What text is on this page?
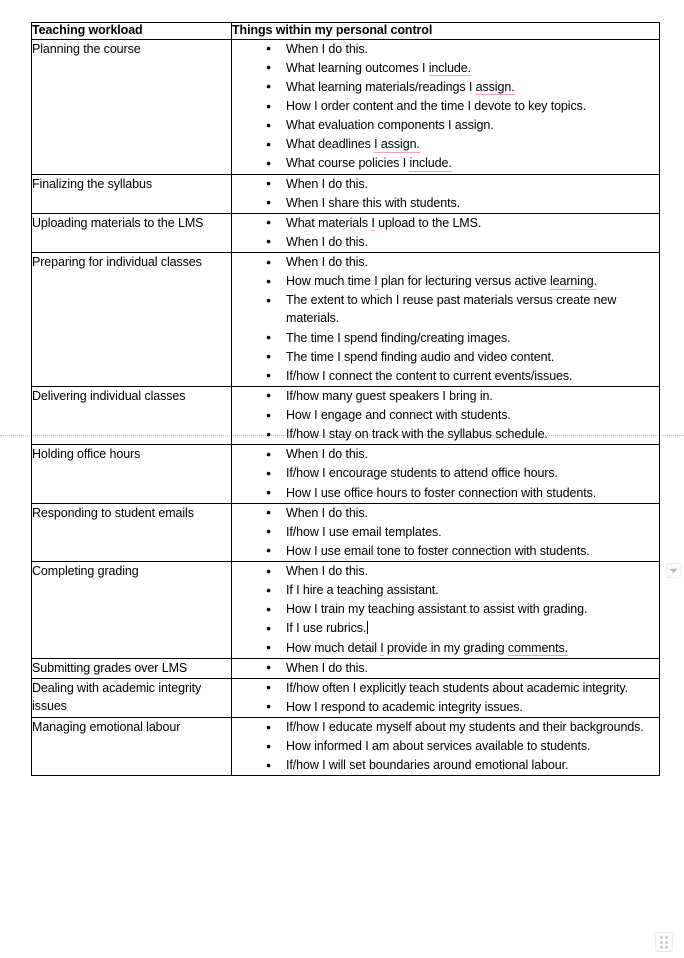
Teaching workload	Things within my personal control
Planning the course	
●When I do this.
● What learning outcomes I include.
● What learning materials/readings I assign.
● How I order content and the time I devote to key topics.
● What evaluation components I assign.
● What deadlines I assign.
● What course policies I include.

Finalizing the syllabus	
●When I do this.
● When I share this with students.

Uploading materials to the LMS	
●What materials I upload to the LMS.
● When I do this.

Preparing for individual classes	
●When I do this.
● How much time I plan for lecturing versus active learning.
● The extent to which I reuse past materials versus create new materials.
● The time I spend finding/creating images.
● The time I spend finding audio and video content.
● If/how I connect the content to current events/issues.

Delivering individual classes	
●If/how many guest speakers I bring in.
● How I engage and connect with students.
● If/how I stay on track with the syllabus schedule.

Holding office hours	
●When I do this.
● If/how I encourage students to attend office hours.
● How I use office hours to foster connection with students.

Responding to student emails	
●When I do this.
● If/how I use email templates.
● How I use email tone to foster connection with students.

Completing grading	
●When I do this.
● If I hire a teaching assistant.
● How I train my teaching assistant to assist with grading.
● If I use rubrics.
● How much detail I provide in my grading comments.

Submitting grades over LMS	
●When I do this.

Dealing with academic integrity issues	
● If/how often I explicitly teach students about academic integrity.
● How I respond to academic integrity issues.

Managing emotional labour	
●If/how I educate myself about my students and their backgrounds.
● How informed I am about services available to students.
● If/how I will set boundaries around emotional labour.
